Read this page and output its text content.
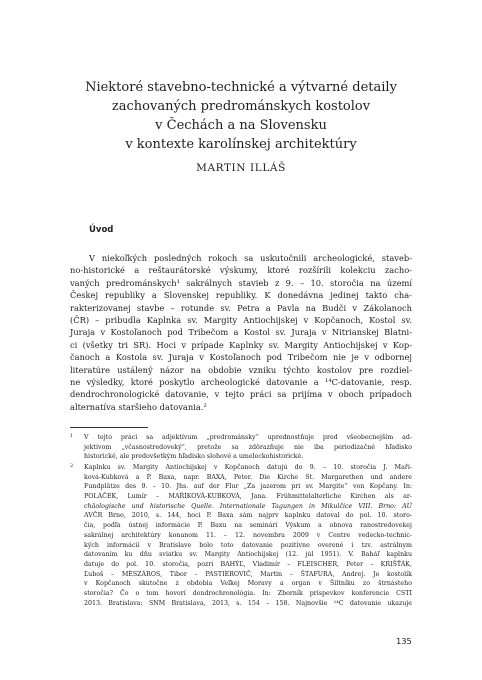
Niektoré stavebno-technické a výtvarné detaily
zachovaných predrománskych kostolov
v Čechách a na Slovensku
v kontexte karolínskej architektúry

MARTIN ILLÁŠ

Úvod
V niekoľkých posledných rokoch sa uskutočnili archeologické, staveb-
no-historické a reštaurátorské výskumy, ktoré rozšírili kolekciu zacho-
vaných predrománskych¹ sakrálnych stavieb z 9. – 10. storočia na území
Českej republiky a Slovenskej republiky. K donedávna jedinej takto cha-
rakterizovanej stavbe – rotunde sv. Petra a Pavla na Budči v Zákolanoch
(ČR) – pribudla Kaplnka sv. Margity Antiochijskej v Kopčanoch, Kostol sv.
Juraja v Kostoľanoch pod Tribečom a Kostol sv. Juraja v Nitrianskej Blatni-
ci (všetky tri SR). Hoci v prípade Kaplnky sv. Margity Antiochijskej v Kop-
čanoch a Kostola sv. Juraja v Kostoľanoch pod Tribečom nie je v odbornej
literatúre ustálený názor na obdobie vzniku týchto kostolov pre rozdiel-
ne výsledky, ktoré poskytlo archeologické datovanie a ¹⁴C-datovanie, resp.
dendrochronologické datovanie, v tejto práci sa prijíma v oboch prípadoch
alternatíva staršieho datovania.²
1 V tejto práci sa adjektívum „predrománsky“ uprednostňuje pred všeobecnejším ad-
jektívom „včasnostredoveký“, pretože sa zdôrazňuje nie iba periodizačné hľadisko
historické, ale predovšetkým hľadisko slohové a umeleckohistorické.
2 Kaplnku sv. Margity Antiochijskej v Kopčanoch datujú do 9. – 10. storočia J. Maří-
ková-Kubková a P. Baxa, napr. BAXA, Peter. Die Kirche St. Margarethen und andere
Fundplätze des 9. – 10. Jhs. auf der Flur „Za jazerom pri sv. Margite“ von Kopčany. In:
POLÁČEK, Lumír – MAŘÍKOVÁ-KUBKOVÁ, Jana. Frühmittelalterliche Kirchen als ar-
chäologische und historische Quelle. Internationale Tagungen in Mikulčice VIII. Brno: AÚ
AVČR Brno, 2010, s. 144, hoci P. Baxa sám najprv kaplnku datoval do pol. 10. storo-
čia, podľa ústnej informácie P. Baxu na seminári Výskum a obnova ranostredovekej
sakrálnej architektúry konanom 11. – 12. novembra 2009 v Centre vedecko-technic-
kých informácií v Bratislave bolo toto datovanie pozitívne overené i tzv. astrálnym
datovaním ku dňu sviatku sv. Margity Antiochijskej (12. júl 1951). V. Baháľ kaplnku
datuje do pol. 10. storočia, pozri BAHÝĽ, Vladimír – FLEISCHER, Peter – KRIŠŤÁK,
Ľuboš – MÉSZÁROS, Tibor – PASTIEROVIČ, Martin – ŠTAFURA, Andrej. Je kostolík
v Kopčanoch skutočne z obdobia Veľkej Moravy a organ v Šiltníku zo štrnásteho
storočia? Čo o tom hovorí dendrochronológia. In: Zborník príspevkov konferencie CSTI
2013. Bratislava: SNM Bratislava, 2013, s. 154 – 158. Najnovšie ¹⁴C datovanie ukazuje
135
